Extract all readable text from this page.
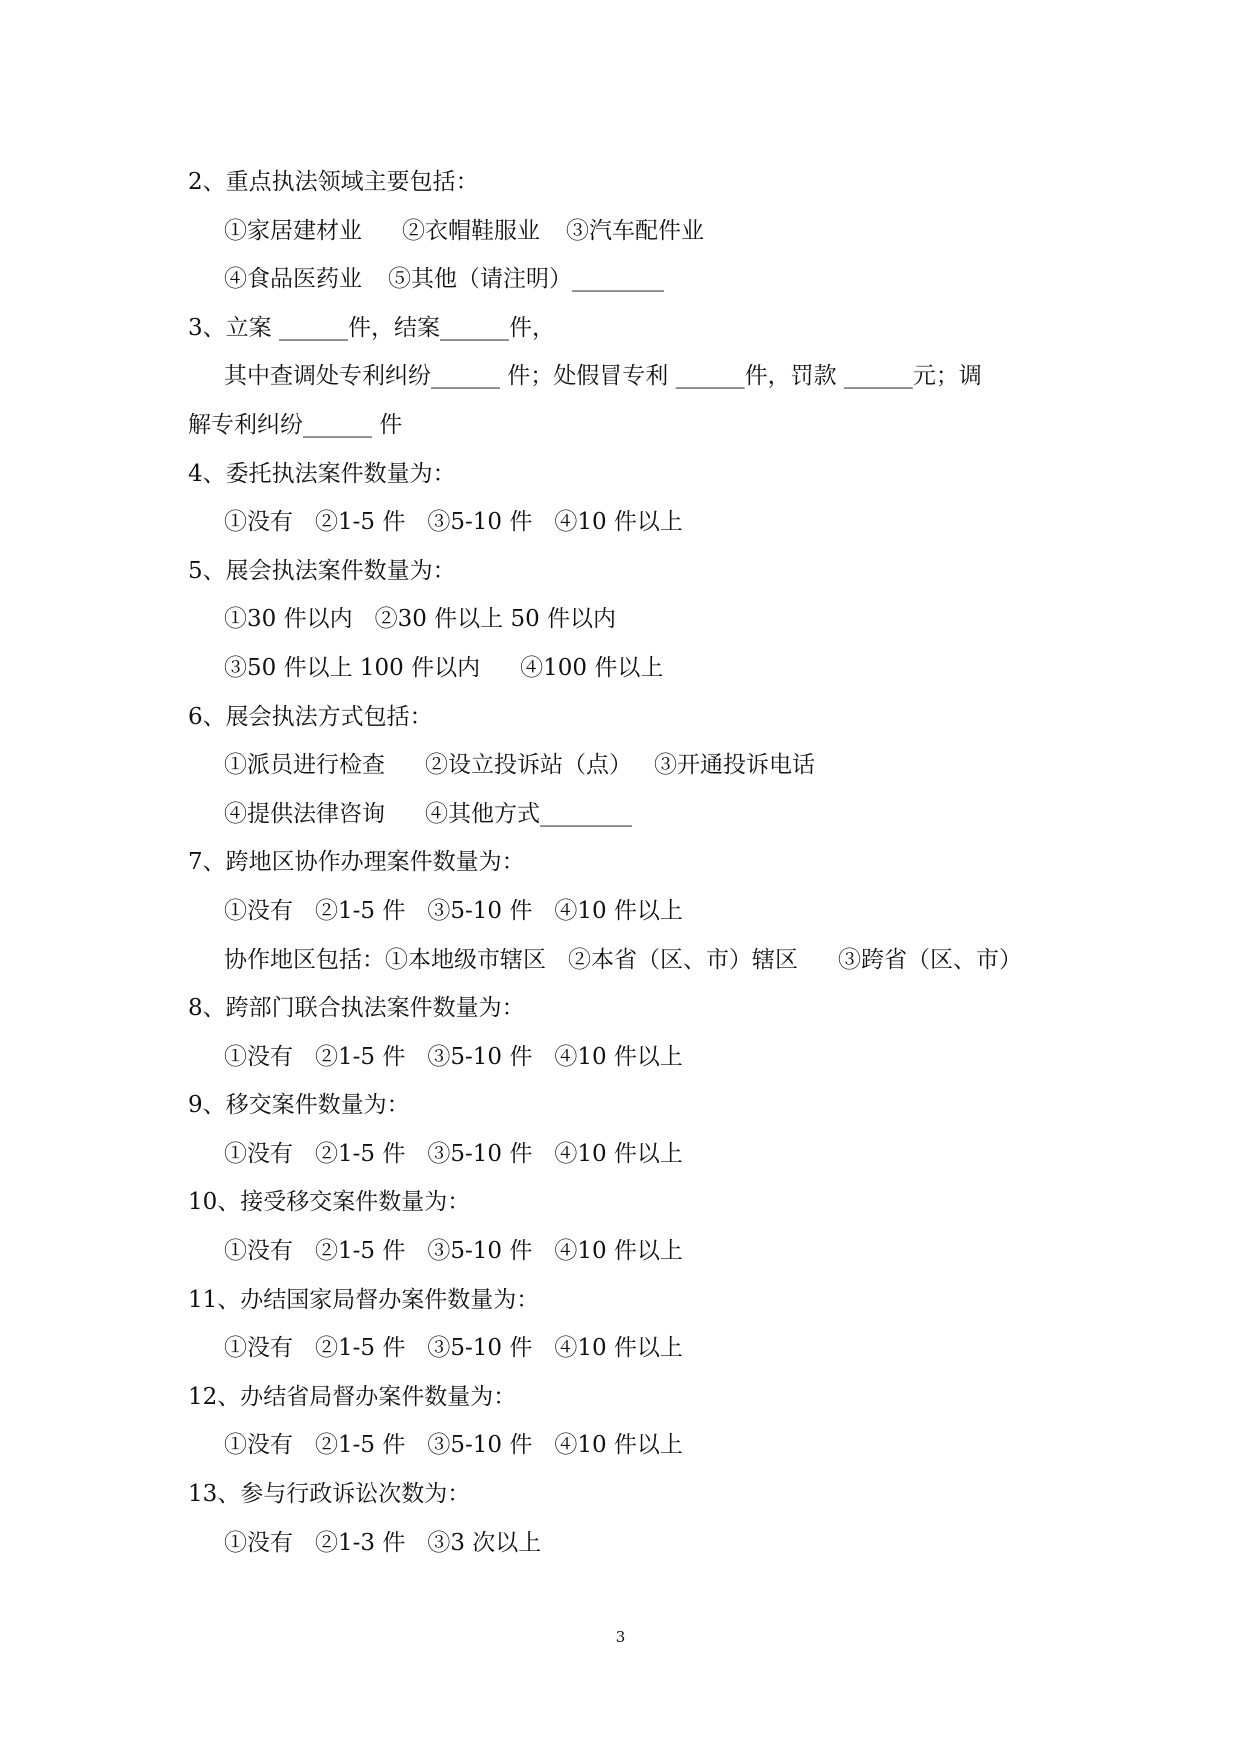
2、重点执法领域主要包括：
①家居建材业 ②衣帽鞋服业 ③汽车配件业
④食品医药业 ⑤其他（请注明）________
3、立案 ______件，结案______件，
其中查调处专利纠纷______ 件；处假冒专利 ______件，罚款 ______元；调
解专利纠纷______ 件
4、委托执法案件数量为：
①没有 ②1-5 件 ③5-10 件 ④10 件以上
5、展会执法案件数量为：
①30 件以内 ②30 件以上 50 件以内
③50 件以上 100 件以内 ④100 件以上
6、展会执法方式包括：
①派员进行检查 ②设立投诉站（点） ③开通投诉电话
④提供法律咨询 ④其他方式________
7、跨地区协作办理案件数量为：
①没有 ②1-5 件 ③5-10 件 ④10 件以上
协作地区包括：①本地级市辖区 ②本省（区、市）辖区 ③跨省（区、市）
8、跨部门联合执法案件数量为：
①没有 ②1-5 件 ③5-10 件 ④10 件以上
9、移交案件数量为：
①没有 ②1-5 件 ③5-10 件 ④10 件以上
10、接受移交案件数量为：
①没有 ②1-5 件 ③5-10 件 ④10 件以上
11、办结国家局督办案件数量为：
①没有 ②1-5 件 ③5-10 件 ④10 件以上
12、办结省局督办案件数量为：
①没有 ②1-5 件 ③5-10 件 ④10 件以上
13、参与行政诉讼次数为：
①没有 ②1-3 件 ③3 次以上
3
